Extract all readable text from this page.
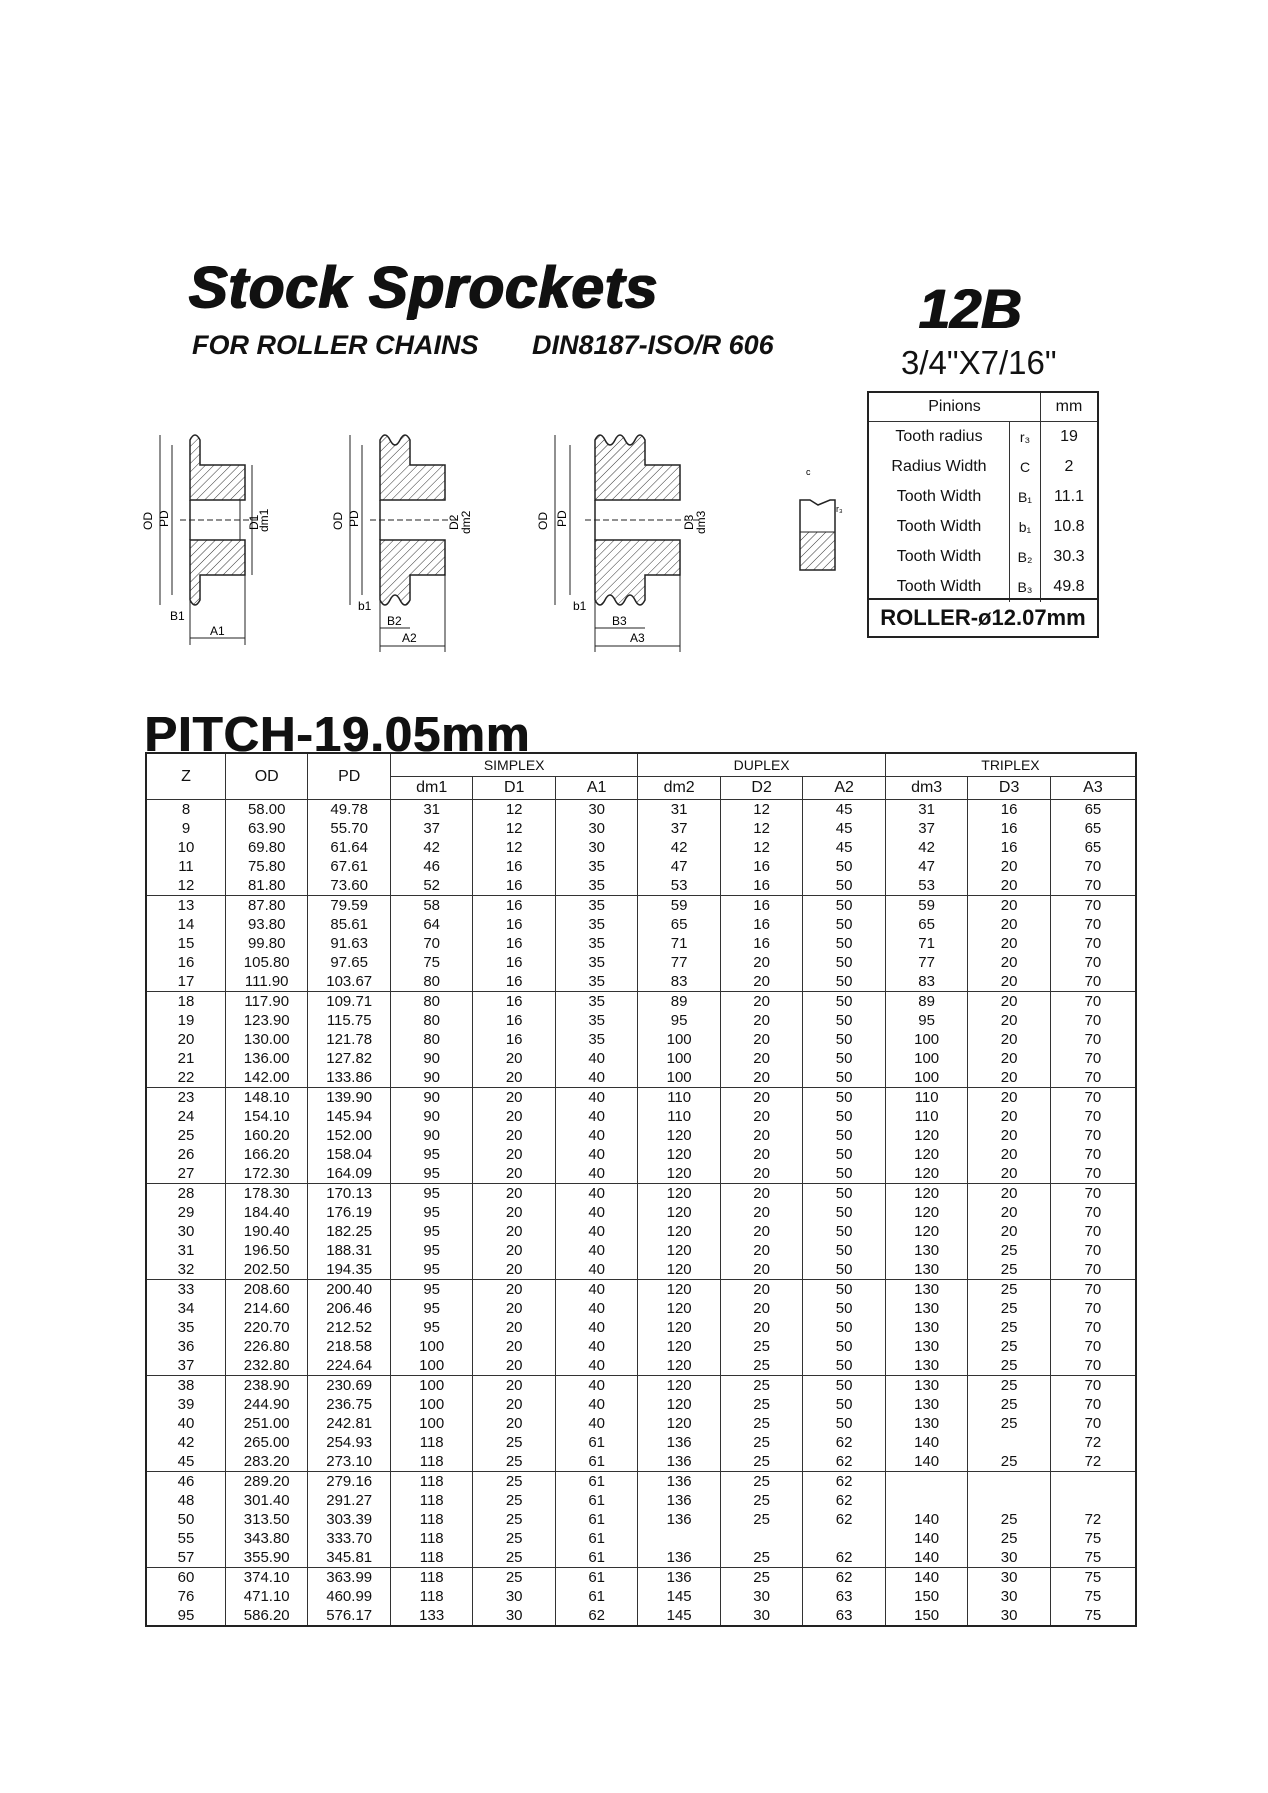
Stock Sprockets
FOR ROLLER CHAINS DIN8187-ISO/R 606
12B
3/4"X7/16"
Pinions		mm
Tooth radius	r₃	19
Radius Width	C	2
Tooth Width	B₁	11.1
Tooth Width	b₁	10.8
Tooth Width	B₂	30.3
Tooth Width	B₃	49.8
ROLLER-ø12.07mm
OD PD	D1
dm1
B1
A1
OD PD	D2
dm2
b1
B2
A2
OD PD	D3
dm3
b1
B3
A3
c
r₃
PITCH-19.05mm
Z	OD	PD	SIMPLEX			DUPLEX			TRIPLEX		
			dm1	D1	A1	dm2	D2	A2	dm3	D3	A3
8	58.00	49.78	31	12	30	31	12	45	31	16	65
9	63.90	55.70	37	12	30	37	12	45	37	16	65
10	69.80	61.64	42	12	30	42	12	45	42	16	65
11	75.80	67.61	46	16	35	47	16	50	47	20	70
12	81.80	73.60	52	16	35	53	16	50	53	20	70
13	87.80	79.59	58	16	35	59	16	50	59	20	70
14	93.80	85.61	64	16	35	65	16	50	65	20	70
15	99.80	91.63	70	16	35	71	16	50	71	20	70
16	105.80	97.65	75	16	35	77	20	50	77	20	70
17	111.90	103.67	80	16	35	83	20	50	83	20	70
18	117.90	109.71	80	16	35	89	20	50	89	20	70
19	123.90	115.75	80	16	35	95	20	50	95	20	70
20	130.00	121.78	80	16	35	100	20	50	100	20	70
21	136.00	127.82	90	20	40	100	20	50	100	20	70
22	142.00	133.86	90	20	40	100	20	50	100	20	70
23	148.10	139.90	90	20	40	110	20	50	110	20	70
24	154.10	145.94	90	20	40	110	20	50	110	20	70
25	160.20	152.00	90	20	40	120	20	50	120	20	70
26	166.20	158.04	95	20	40	120	20	50	120	20	70
27	172.30	164.09	95	20	40	120	20	50	120	20	70
28	178.30	170.13	95	20	40	120	20	50	120	20	70
29	184.40	176.19	95	20	40	120	20	50	120	20	70
30	190.40	182.25	95	20	40	120	20	50	120	20	70
31	196.50	188.31	95	20	40	120	20	50	130	25	70
32	202.50	194.35	95	20	40	120	20	50	130	25	70
33	208.60	200.40	95	20	40	120	20	50	130	25	70
34	214.60	206.46	95	20	40	120	20	50	130	25	70
35	220.70	212.52	95	20	40	120	20	50	130	25	70
36	226.80	218.58	100	20	40	120	25	50	130	25	70
37	232.80	224.64	100	20	40	120	25	50	130	25	70
38	238.90	230.69	100	20	40	120	25	50	130	25	70
39	244.90	236.75	100	20	40	120	25	50	130	25	70
40	251.00	242.81	100	20	40	120	25	50	130	25	70
42	265.00	254.93	118	25	61	136	25	62	140		72
45	283.20	273.10	118	25	61	136	25	62	140	25	72
46	289.20	279.16	118	25	61	136	25	62			
48	301.40	291.27	118	25	61	136	25	62			
50	313.50	303.39	118	25	61	136	25	62	140	25	72
55	343.80	333.70	118	25	61				140	25	75
57	355.90	345.81	118	25	61	136	25	62	140	30	75
60	374.10	363.99	118	25	61	136	25	62	140	30	75
76	471.10	460.99	118	30	61	145	30	63	150	30	75
95	586.20	576.17	133	30	62	145	30	63	150	30	75
